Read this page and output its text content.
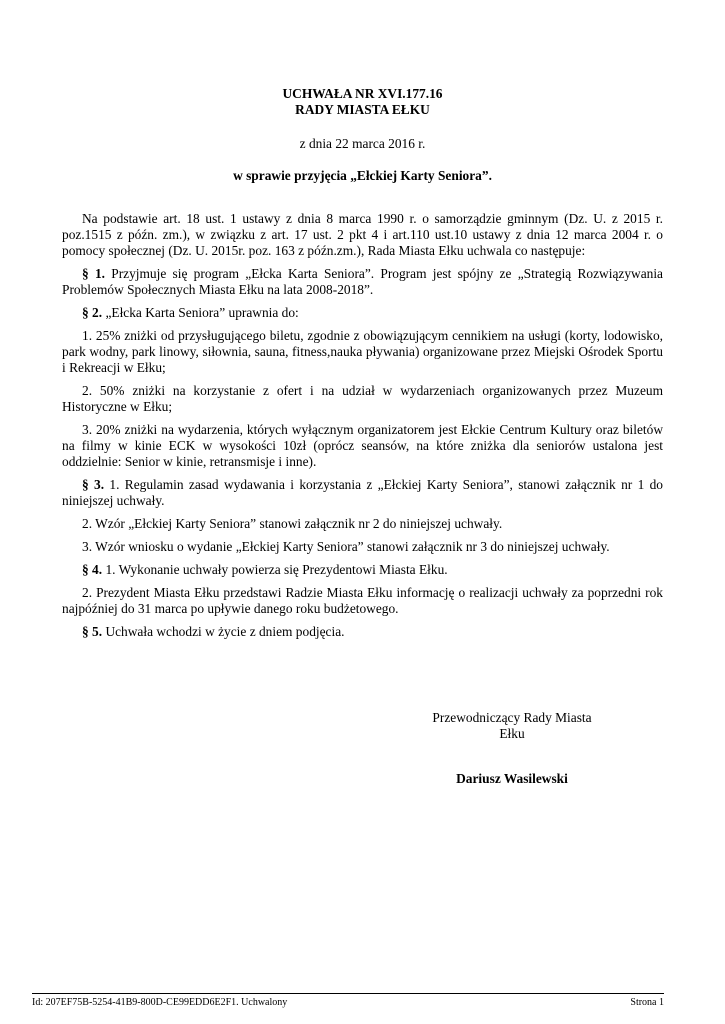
UCHWAŁA NR XVI.177.16
RADY MIASTA EŁKU
z dnia 22 marca 2016 r.
w sprawie przyjęcia „Ełckiej Karty Seniora”.

Na podstawie art. 18 ust. 1 ustawy z dnia 8 marca 1990 r. o samorządzie gminnym (Dz. U. z 2015 r. poz.1515 z późn. zm.), w związku z art. 17 ust. 2 pkt 4 i art.110 ust.10 ustawy z dnia 12 marca 2004 r. o pomocy społecznej (Dz. U. 2015r. poz. 163 z późn.zm.), Rada Miasta Ełku uchwala co następuje:

§ 1. Przyjmuje się program „Ełcka Karta Seniora”. Program jest spójny ze „Strategią Rozwiązywania Problemów Społecznych Miasta Ełku na lata 2008-2018”.

§ 2. „Ełcka Karta Seniora” uprawnia do:

1. 25% zniżki od przysługującego biletu, zgodnie z obowiązującym cennikiem na usługi (korty, lodowisko, park wodny, park linowy, siłownia, sauna, fitness,nauka pływania) organizowane przez Miejski Ośrodek Sportu i Rekreacji w Ełku;

2. 50% zniżki na korzystanie z ofert i na udział w wydarzeniach organizowanych przez Muzeum Historyczne w Ełku;

3. 20% zniżki na wydarzenia, których wyłącznym organizatorem jest Ełckie Centrum Kultury oraz biletów na filmy w kinie ECK w wysokości 10zł (oprócz seansów, na które zniżka dla seniorów ustalona jest oddzielnie: Senior w kinie, retransmisje i inne).

§ 3. 1. Regulamin zasad wydawania i korzystania z „Ełckiej Karty Seniora”, stanowi załącznik nr 1 do niniejszej uchwały.

2. Wzór „Ełckiej Karty Seniora” stanowi załącznik nr 2 do niniejszej uchwały.

3. Wzór wniosku o wydanie „Ełckiej Karty Seniora” stanowi załącznik nr 3 do niniejszej uchwały.

§ 4. 1. Wykonanie uchwały powierza się Prezydentowi Miasta Ełku.

2. Prezydent Miasta Ełku przedstawi Radzie Miasta Ełku informację o realizacji uchwały za poprzedni rok najpóźniej do 31 marca po upływie danego roku budżetowego.

§ 5. Uchwała wchodzi w życie z dniem podjęcia.

Przewodniczący Rady Miasta
Ełku
Dariusz Wasilewski
Id: 207EF75B-5254-41B9-800D-CE99EDD6E2F1. Uchwalony	Strona 1
